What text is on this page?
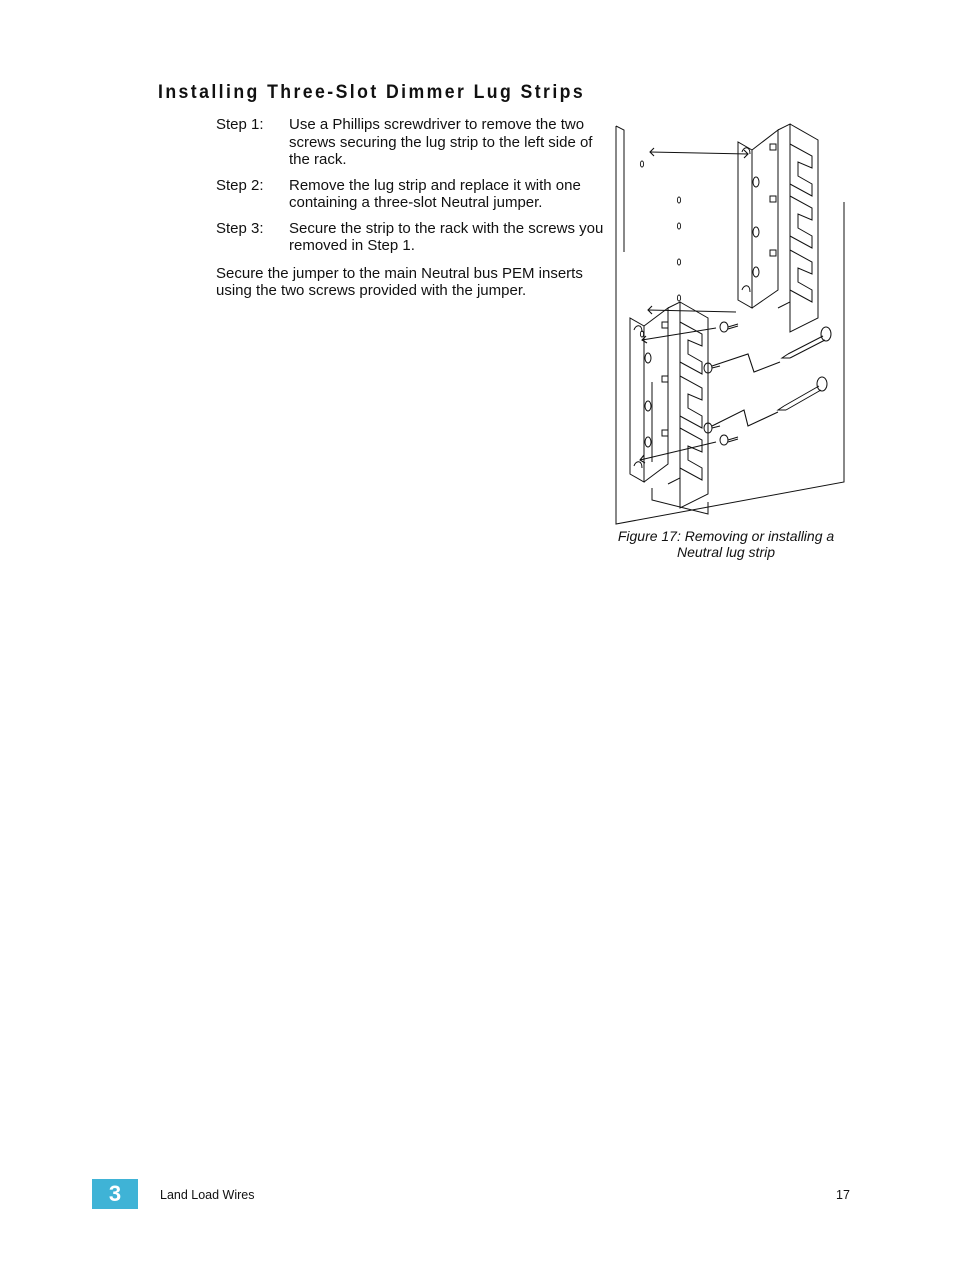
Installing Three-Slot Dimmer Lug Strips
Step 1:	Use a Phillips screwdriver to remove the two screws securing the lug strip to the left side of the rack.
Step 2:	Remove the lug strip and replace it with one containing a three-slot Neutral jumper.
Step 3:	Secure the strip to the rack with the screws you removed in Step 1.
Secure the jumper to the main Neutral bus PEM inserts using the two screws provided with the jumper.
Figure 17: Removing or installing a Neutral lug strip
3	Land Load Wires	17
